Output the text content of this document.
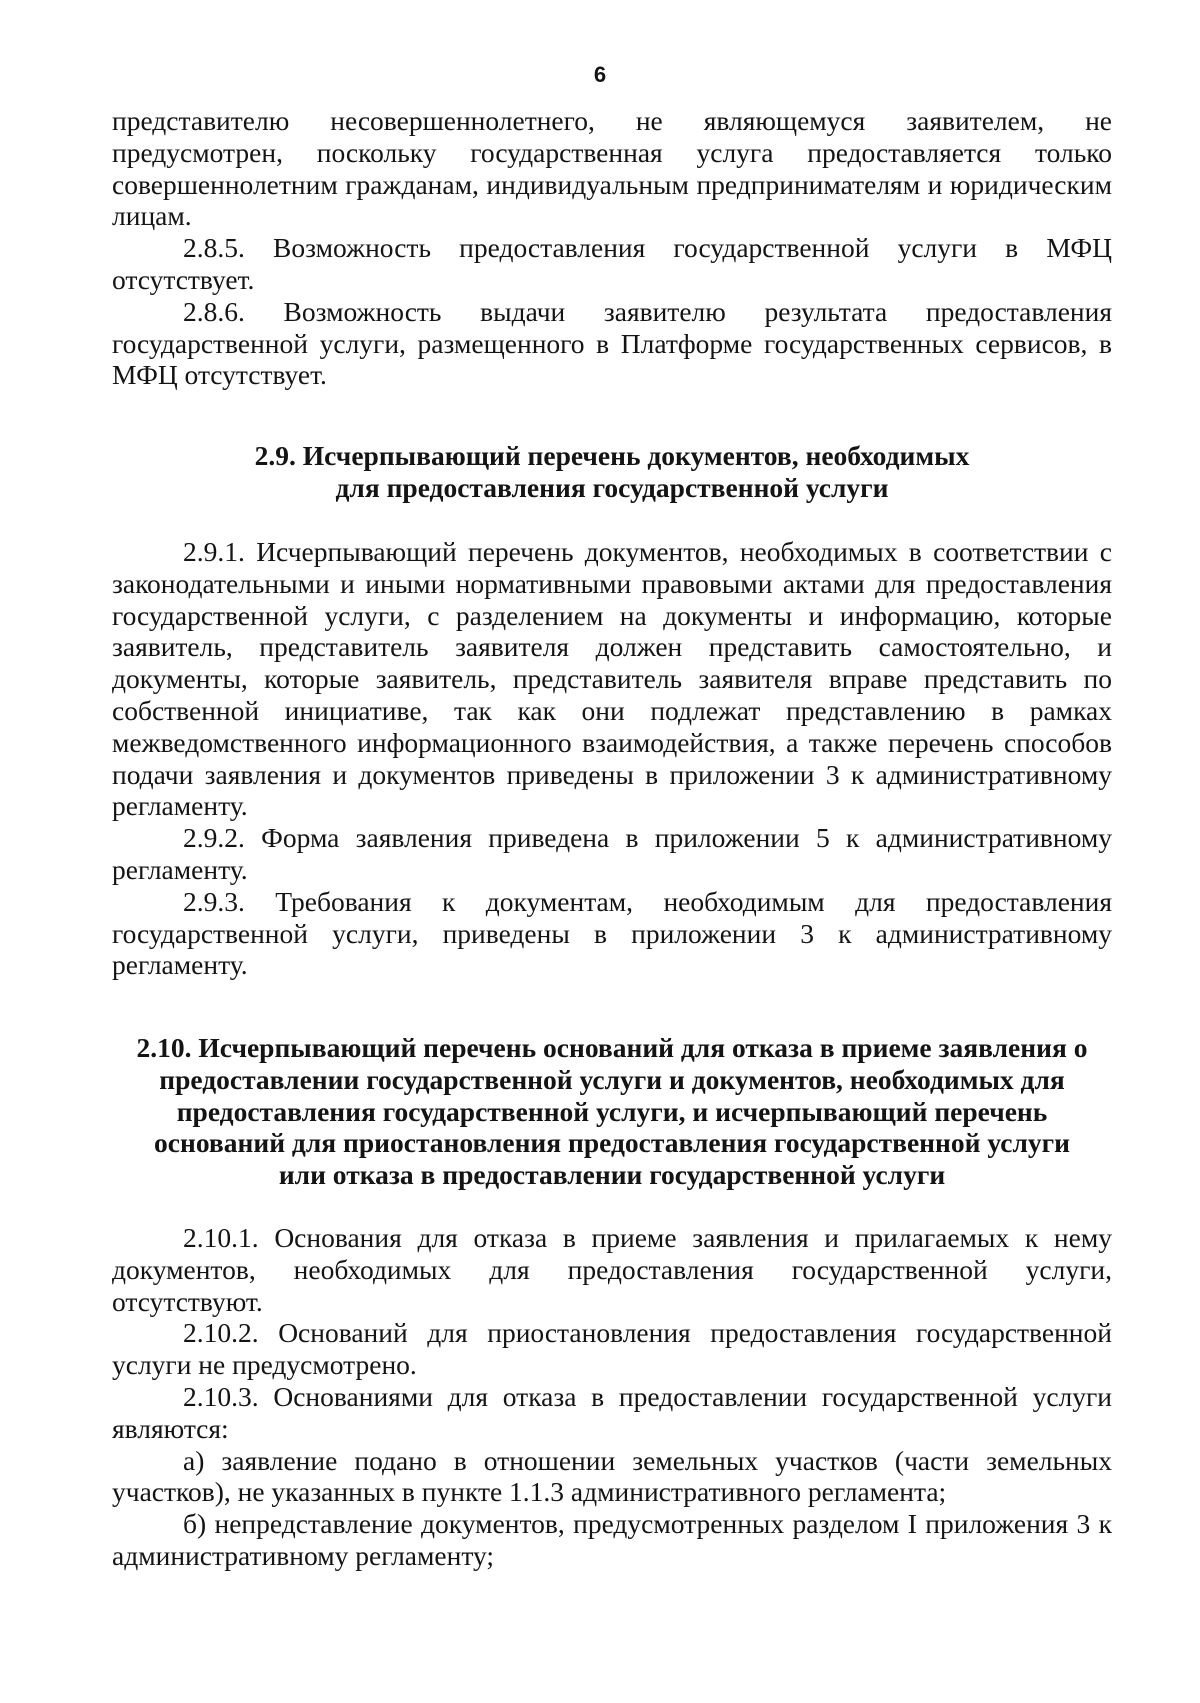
6

представителю несовершеннолетнего, не являющемуся заявителем, не предусмотрен, поскольку государственная услуга предоставляется только совершеннолетним гражданам, индивидуальным предпринимателям и юридическим лицам.

2.8.5. Возможность предоставления государственной услуги в МФЦ отсутствует.

2.8.6. Возможность выдачи заявителю результата предоставления государственной услуги, размещенного в Платформе государственных сервисов, в МФЦ отсутствует.

2.9. Исчерпывающий перечень документов, необходимых
для предоставления государственной услуги

2.9.1. Исчерпывающий перечень документов, необходимых в соответствии с законодательными и иными нормативными правовыми актами для предоставления государственной услуги, с разделением на документы и информацию, которые заявитель, представитель заявителя должен представить самостоятельно, и документы, которые заявитель, представитель заявителя вправе представить по собственной инициативе, так как они подлежат представлению в рамках межведомственного информационного взаимодействия, а также перечень способов подачи заявления и документов приведены в приложении 3 к административному регламенту.

2.9.2. Форма заявления приведена в приложении 5 к административному регламенту.

2.9.3. Требования к документам, необходимым для предоставления государственной услуги, приведены в приложении 3 к административному регламенту.

2.10. Исчерпывающий перечень оснований для отказа в приеме заявления о
предоставлении государственной услуги и документов, необходимых для
предоставления государственной услуги, и исчерпывающий перечень
оснований для приостановления предоставления государственной услуги
или отказа в предоставлении государственной услуги

2.10.1. Основания для отказа в приеме заявления и прилагаемых к нему документов, необходимых для предоставления государственной услуги, отсутствуют.

2.10.2. Оснований для приостановления предоставления государственной услуги не предусмотрено.

2.10.3. Основаниями для отказа в предоставлении государственной услуги являются:

а) заявление подано в отношении земельных участков (части земельных участков), не указанных в пункте 1.1.3 административного регламента;

б) непредставление документов, предусмотренных разделом I приложения 3 к административному регламенту;
